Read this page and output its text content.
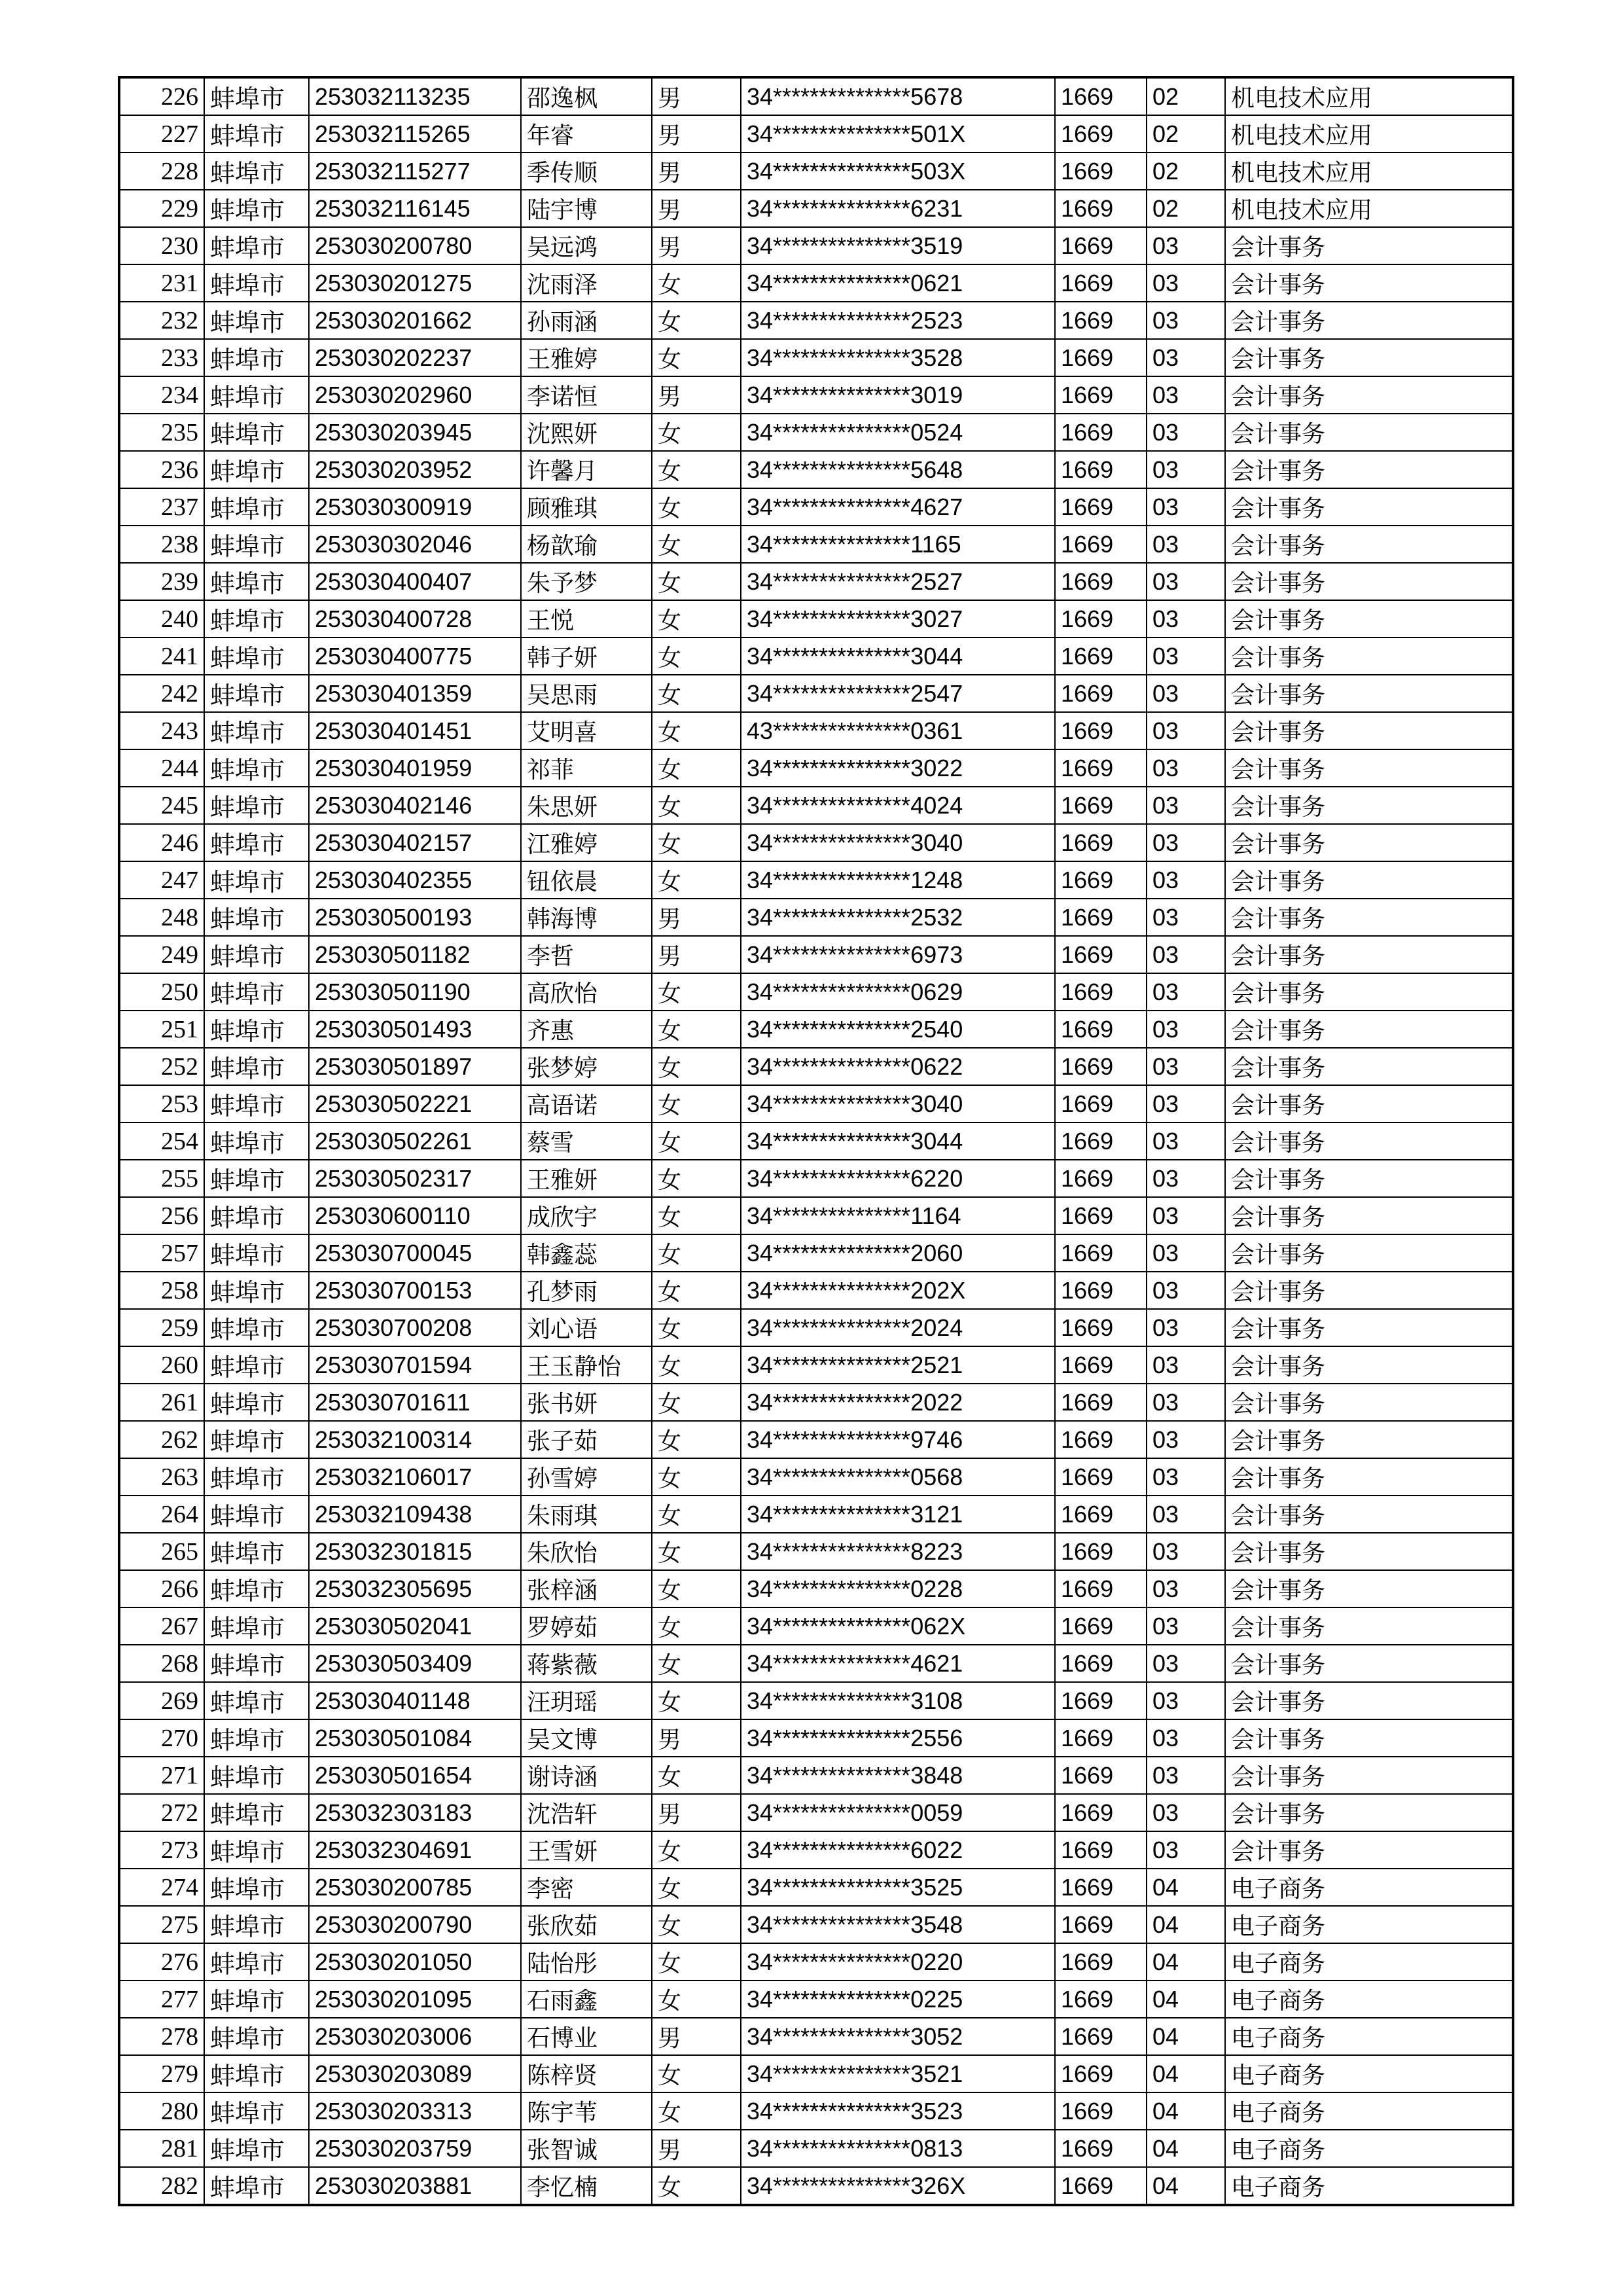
226	蚌埠市	253032113235	邵逸枫	男	34***************5678	1669	02	机电技术应用
227	蚌埠市	253032115265	年睿	男	34***************501X	1669	02	机电技术应用
228	蚌埠市	253032115277	季传顺	男	34***************503X	1669	02	机电技术应用
229	蚌埠市	253032116145	陆宇博	男	34***************6231	1669	02	机电技术应用
230	蚌埠市	253030200780	吴远鸿	男	34***************3519	1669	03	会计事务
231	蚌埠市	253030201275	沈雨泽	女	34***************0621	1669	03	会计事务
232	蚌埠市	253030201662	孙雨涵	女	34***************2523	1669	03	会计事务
233	蚌埠市	253030202237	王雅婷	女	34***************3528	1669	03	会计事务
234	蚌埠市	253030202960	李诺恒	男	34***************3019	1669	03	会计事务
235	蚌埠市	253030203945	沈熙妍	女	34***************0524	1669	03	会计事务
236	蚌埠市	253030203952	许馨月	女	34***************5648	1669	03	会计事务
237	蚌埠市	253030300919	顾雅琪	女	34***************4627	1669	03	会计事务
238	蚌埠市	253030302046	杨歆瑜	女	34***************1165	1669	03	会计事务
239	蚌埠市	253030400407	朱予梦	女	34***************2527	1669	03	会计事务
240	蚌埠市	253030400728	王悦	女	34***************3027	1669	03	会计事务
241	蚌埠市	253030400775	韩子妍	女	34***************3044	1669	03	会计事务
242	蚌埠市	253030401359	吴思雨	女	34***************2547	1669	03	会计事务
243	蚌埠市	253030401451	艾明喜	女	43***************0361	1669	03	会计事务
244	蚌埠市	253030401959	祁菲	女	34***************3022	1669	03	会计事务
245	蚌埠市	253030402146	朱思妍	女	34***************4024	1669	03	会计事务
246	蚌埠市	253030402157	江雅婷	女	34***************3040	1669	03	会计事务
247	蚌埠市	253030402355	钮依晨	女	34***************1248	1669	03	会计事务
248	蚌埠市	253030500193	韩海博	男	34***************2532	1669	03	会计事务
249	蚌埠市	253030501182	李哲	男	34***************6973	1669	03	会计事务
250	蚌埠市	253030501190	高欣怡	女	34***************0629	1669	03	会计事务
251	蚌埠市	253030501493	齐惠	女	34***************2540	1669	03	会计事务
252	蚌埠市	253030501897	张梦婷	女	34***************0622	1669	03	会计事务
253	蚌埠市	253030502221	高语诺	女	34***************3040	1669	03	会计事务
254	蚌埠市	253030502261	蔡雪	女	34***************3044	1669	03	会计事务
255	蚌埠市	253030502317	王雅妍	女	34***************6220	1669	03	会计事务
256	蚌埠市	253030600110	成欣宇	女	34***************1164	1669	03	会计事务
257	蚌埠市	253030700045	韩鑫蕊	女	34***************2060	1669	03	会计事务
258	蚌埠市	253030700153	孔梦雨	女	34***************202X	1669	03	会计事务
259	蚌埠市	253030700208	刘心语	女	34***************2024	1669	03	会计事务
260	蚌埠市	253030701594	王玉静怡	女	34***************2521	1669	03	会计事务
261	蚌埠市	253030701611	张书妍	女	34***************2022	1669	03	会计事务
262	蚌埠市	253032100314	张子茹	女	34***************9746	1669	03	会计事务
263	蚌埠市	253032106017	孙雪婷	女	34***************0568	1669	03	会计事务
264	蚌埠市	253032109438	朱雨琪	女	34***************3121	1669	03	会计事务
265	蚌埠市	253032301815	朱欣怡	女	34***************8223	1669	03	会计事务
266	蚌埠市	253032305695	张梓涵	女	34***************0228	1669	03	会计事务
267	蚌埠市	253030502041	罗婷茹	女	34***************062X	1669	03	会计事务
268	蚌埠市	253030503409	蒋紫薇	女	34***************4621	1669	03	会计事务
269	蚌埠市	253030401148	汪玥瑶	女	34***************3108	1669	03	会计事务
270	蚌埠市	253030501084	吴文博	男	34***************2556	1669	03	会计事务
271	蚌埠市	253030501654	谢诗涵	女	34***************3848	1669	03	会计事务
272	蚌埠市	253032303183	沈浩轩	男	34***************0059	1669	03	会计事务
273	蚌埠市	253032304691	王雪妍	女	34***************6022	1669	03	会计事务
274	蚌埠市	253030200785	李密	女	34***************3525	1669	04	电子商务
275	蚌埠市	253030200790	张欣茹	女	34***************3548	1669	04	电子商务
276	蚌埠市	253030201050	陆怡彤	女	34***************0220	1669	04	电子商务
277	蚌埠市	253030201095	石雨鑫	女	34***************0225	1669	04	电子商务
278	蚌埠市	253030203006	石博业	男	34***************3052	1669	04	电子商务
279	蚌埠市	253030203089	陈梓贤	女	34***************3521	1669	04	电子商务
280	蚌埠市	253030203313	陈宇苇	女	34***************3523	1669	04	电子商务
281	蚌埠市	253030203759	张智诚	男	34***************0813	1669	04	电子商务
282	蚌埠市	253030203881	李忆楠	女	34***************326X	1669	04	电子商务
